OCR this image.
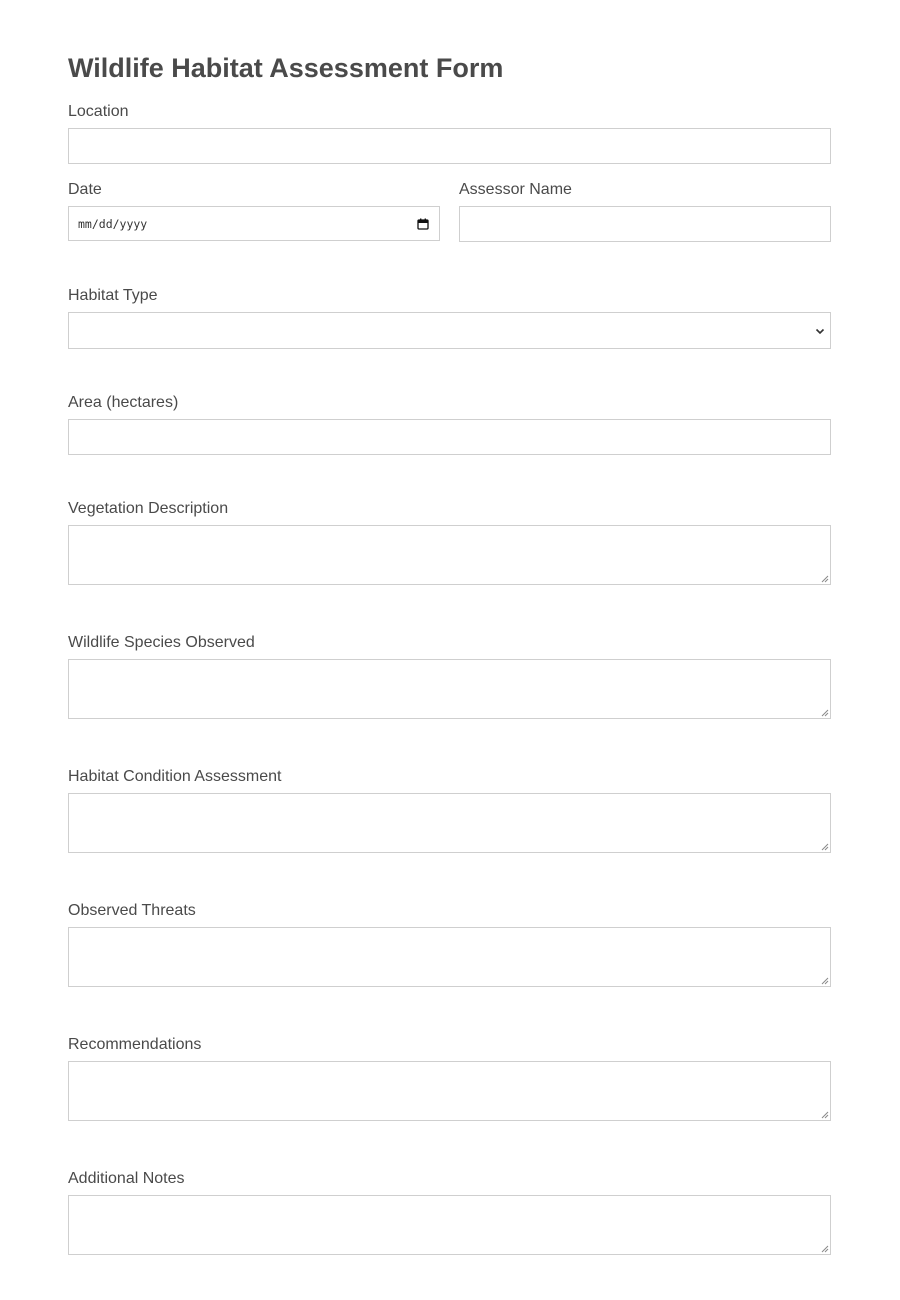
Wildlife Habitat Assessment Form
Location
Date
mm/dd/yyyy
Assessor Name
Habitat Type
Area (hectares)
Vegetation Description
Wildlife Species Observed
Habitat Condition Assessment
Observed Threats
Recommendations
Additional Notes
